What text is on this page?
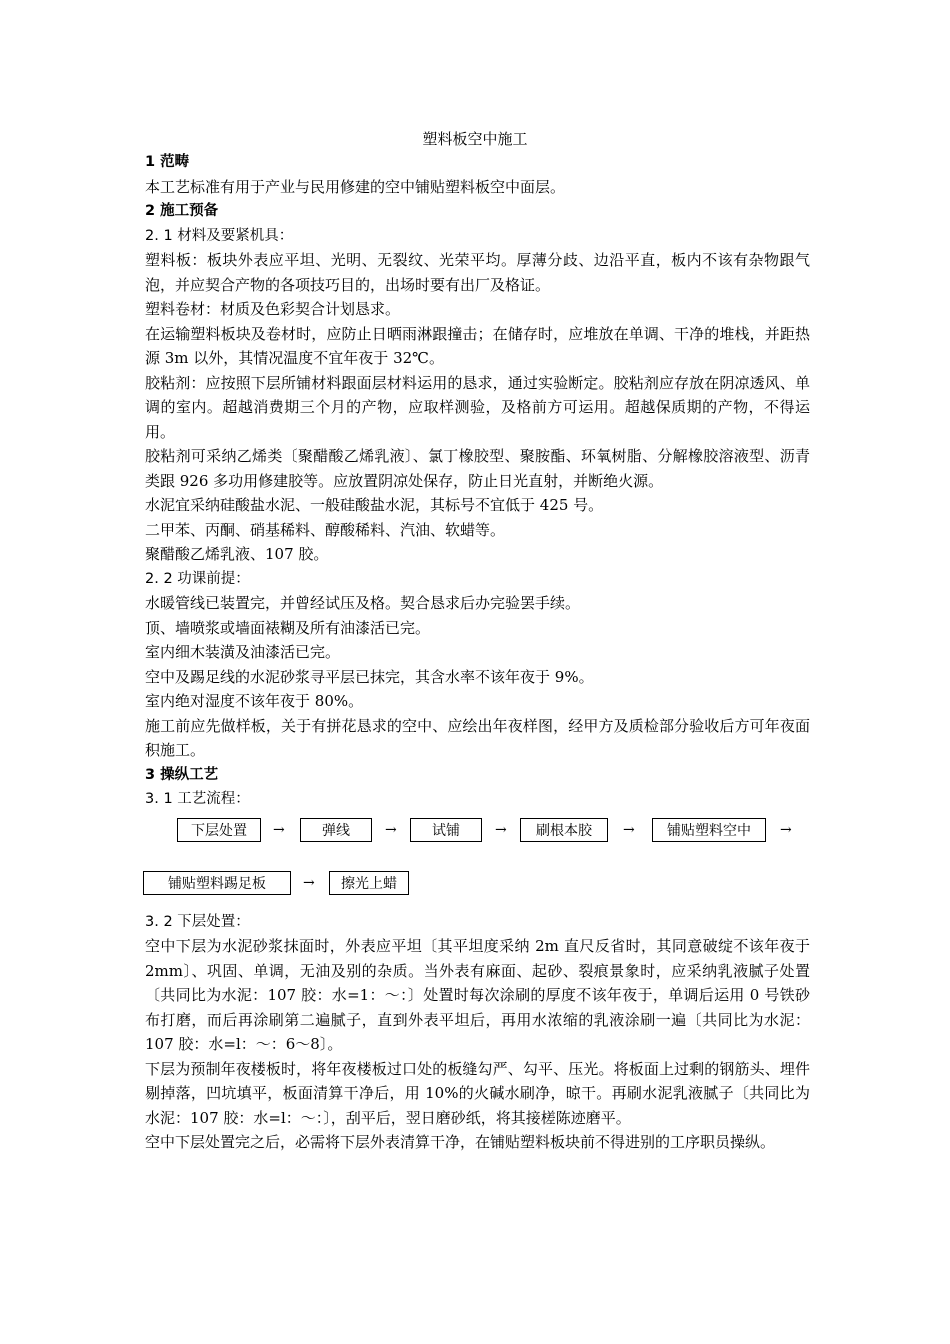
塑料板空中施工

1 范畴

本工艺标准有用于产业与民用修建的空中铺贴塑料板空中面层。

2 施工预备

2. 1 材料及要紧机具：

塑料板：板块外表应平坦、光明、无裂纹、光荣平均。厚薄分歧、边沿平直，板内不该有杂物跟气泡，并应契合产物的各项技巧目的，出场时要有出厂及格证。

塑料卷材：材质及色彩契合计划恳求。

在运输塑料板块及卷材时，应防止日晒雨淋跟撞击；在储存时，应堆放在单调、干净的堆栈，并距热源 3m 以外，其情况温度不宜年夜于 32℃。

胶粘剂：应按照下层所铺材料跟面层材料运用的恳求，通过实验断定。胶粘剂应存放在阴凉透风、单调的室内。超越消费期三个月的产物，应取样测验，及格前方可运用。超越保质期的产物，不得运用。

胶粘剂可采纳乙烯类〔聚醋酸乙烯乳液〕、氯丁橡胶型、聚胺酯、环氧树脂、分解橡胶溶液型、沥青类跟 926 多功用修建胶等。应放置阴凉处保存，防止日光直射，并断绝火源。

水泥宜采纳硅酸盐水泥、一般硅酸盐水泥，其标号不宜低于 425 号。

二甲苯、丙酮、硝基稀料、醇酸稀料、汽油、软蜡等。

聚醋酸乙烯乳液、107 胶。

2. 2 功课前提：

水暖管线已装置完，并曾经试压及格。契合恳求后办完验罢手续。

顶、墙喷浆或墙面裱糊及所有油漆活已完。

室内细木装潢及油漆活已完。

空中及踢足线的水泥砂浆寻平层已抹完，其含水率不该年夜于 9%。

室内绝对湿度不该年夜于 80%。

施工前应先做样板，关于有拼花恳求的空中、应绘出年夜样图，经甲方及质检部分验收后方可年夜面积施工。

3 操纵工艺

3. 1 工艺流程：

下层处置	→	弹线	→	试铺	→	刷根本胶	→	铺贴塑料空中	→
铺贴塑料踢足板	→	擦光上蜡

3. 2 下层处置：

空中下层为水泥砂浆抹面时，外表应平坦〔其平坦度采纳 2m 直尺反省时，其同意破绽不该年夜于 2mm〕、巩固、单调，无油及别的杂质。当外表有麻面、起砂、裂痕景象时，应采纳乳液腻子处置〔共同比为水泥：107 胶：水=1：～：〕处置时每次涂刷的厚度不该年夜于，单调后运用 0 号铁砂布打磨，而后再涂刷第二遍腻子，直到外表平坦后，再用水浓缩的乳液涂刷一遍〔共同比为水泥：107 胶：水=l：～：6～8〕。

下层为预制年夜楼板时，将年夜楼板过口处的板缝勾严、勾平、压光。将板面上过剩的钢筋头、埋件剔掉落，凹坑填平，板面清算干净后，用 10%的火碱水刷净，晾干。再刷水泥乳液腻子〔共同比为水泥：107 胶：水=l：～：〕，刮平后，翌日磨砂纸，将其接槎陈迹磨平。

空中下层处置完之后，必需将下层外表清算干净，在铺贴塑料板块前不得进别的工序职员操纵。
